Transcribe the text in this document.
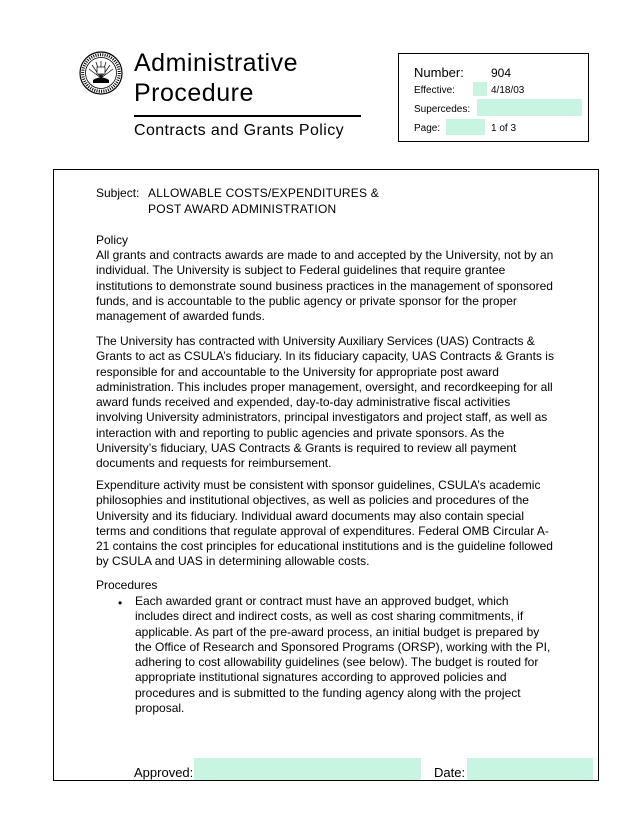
Administrative
Procedure
Contracts and Grants Policy
Number: 904
Effective:	4/18/03
Supercedes:
Page:	1 of 3
Subject: ALLOWABLE COSTS/EXPENDITURES &
POST AWARD ADMINISTRATION
Policy
All grants and contracts awards are made to and accepted by the University, not by an individual. The University is subject to Federal guidelines that require grantee institutions to demonstrate sound business practices in the management of sponsored funds, and is accountable to the public agency or private sponsor for the proper management of awarded funds.
The University has contracted with University Auxiliary Services (UAS) Contracts & Grants to act as CSULA’s fiduciary. In its fiduciary capacity, UAS Contracts & Grants is responsible for and accountable to the University for appropriate post award administration. This includes proper management, oversight, and recordkeeping for all award funds received and expended, day-to-day administrative fiscal activities involving University administrators, principal investigators and project staff, as well as interaction with and reporting to public agencies and private sponsors. As the University’s fiduciary, UAS Contracts & Grants is required to review all payment documents and requests for reimbursement.
Expenditure activity must be consistent with sponsor guidelines, CSULA’s academic philosophies and institutional objectives, as well as policies and procedures of the University and its fiduciary. Individual award documents may also contain special terms and conditions that regulate approval of expenditures. Federal OMB Circular A-21 contains the cost principles for educational institutions and is the guideline followed by CSULA and UAS in determining allowable costs.
Procedures
• Each awarded grant or contract must have an approved budget, which includes direct and indirect costs, as well as cost sharing commitments, if applicable. As part of the pre-award process, an initial budget is prepared by the Office of Research and Sponsored Programs (ORSP), working with the PI, adhering to cost allowability guidelines (see below). The budget is routed for appropriate institutional signatures according to approved policies and procedures and is submitted to the funding agency along with the project proposal.
Approved:	Date:
